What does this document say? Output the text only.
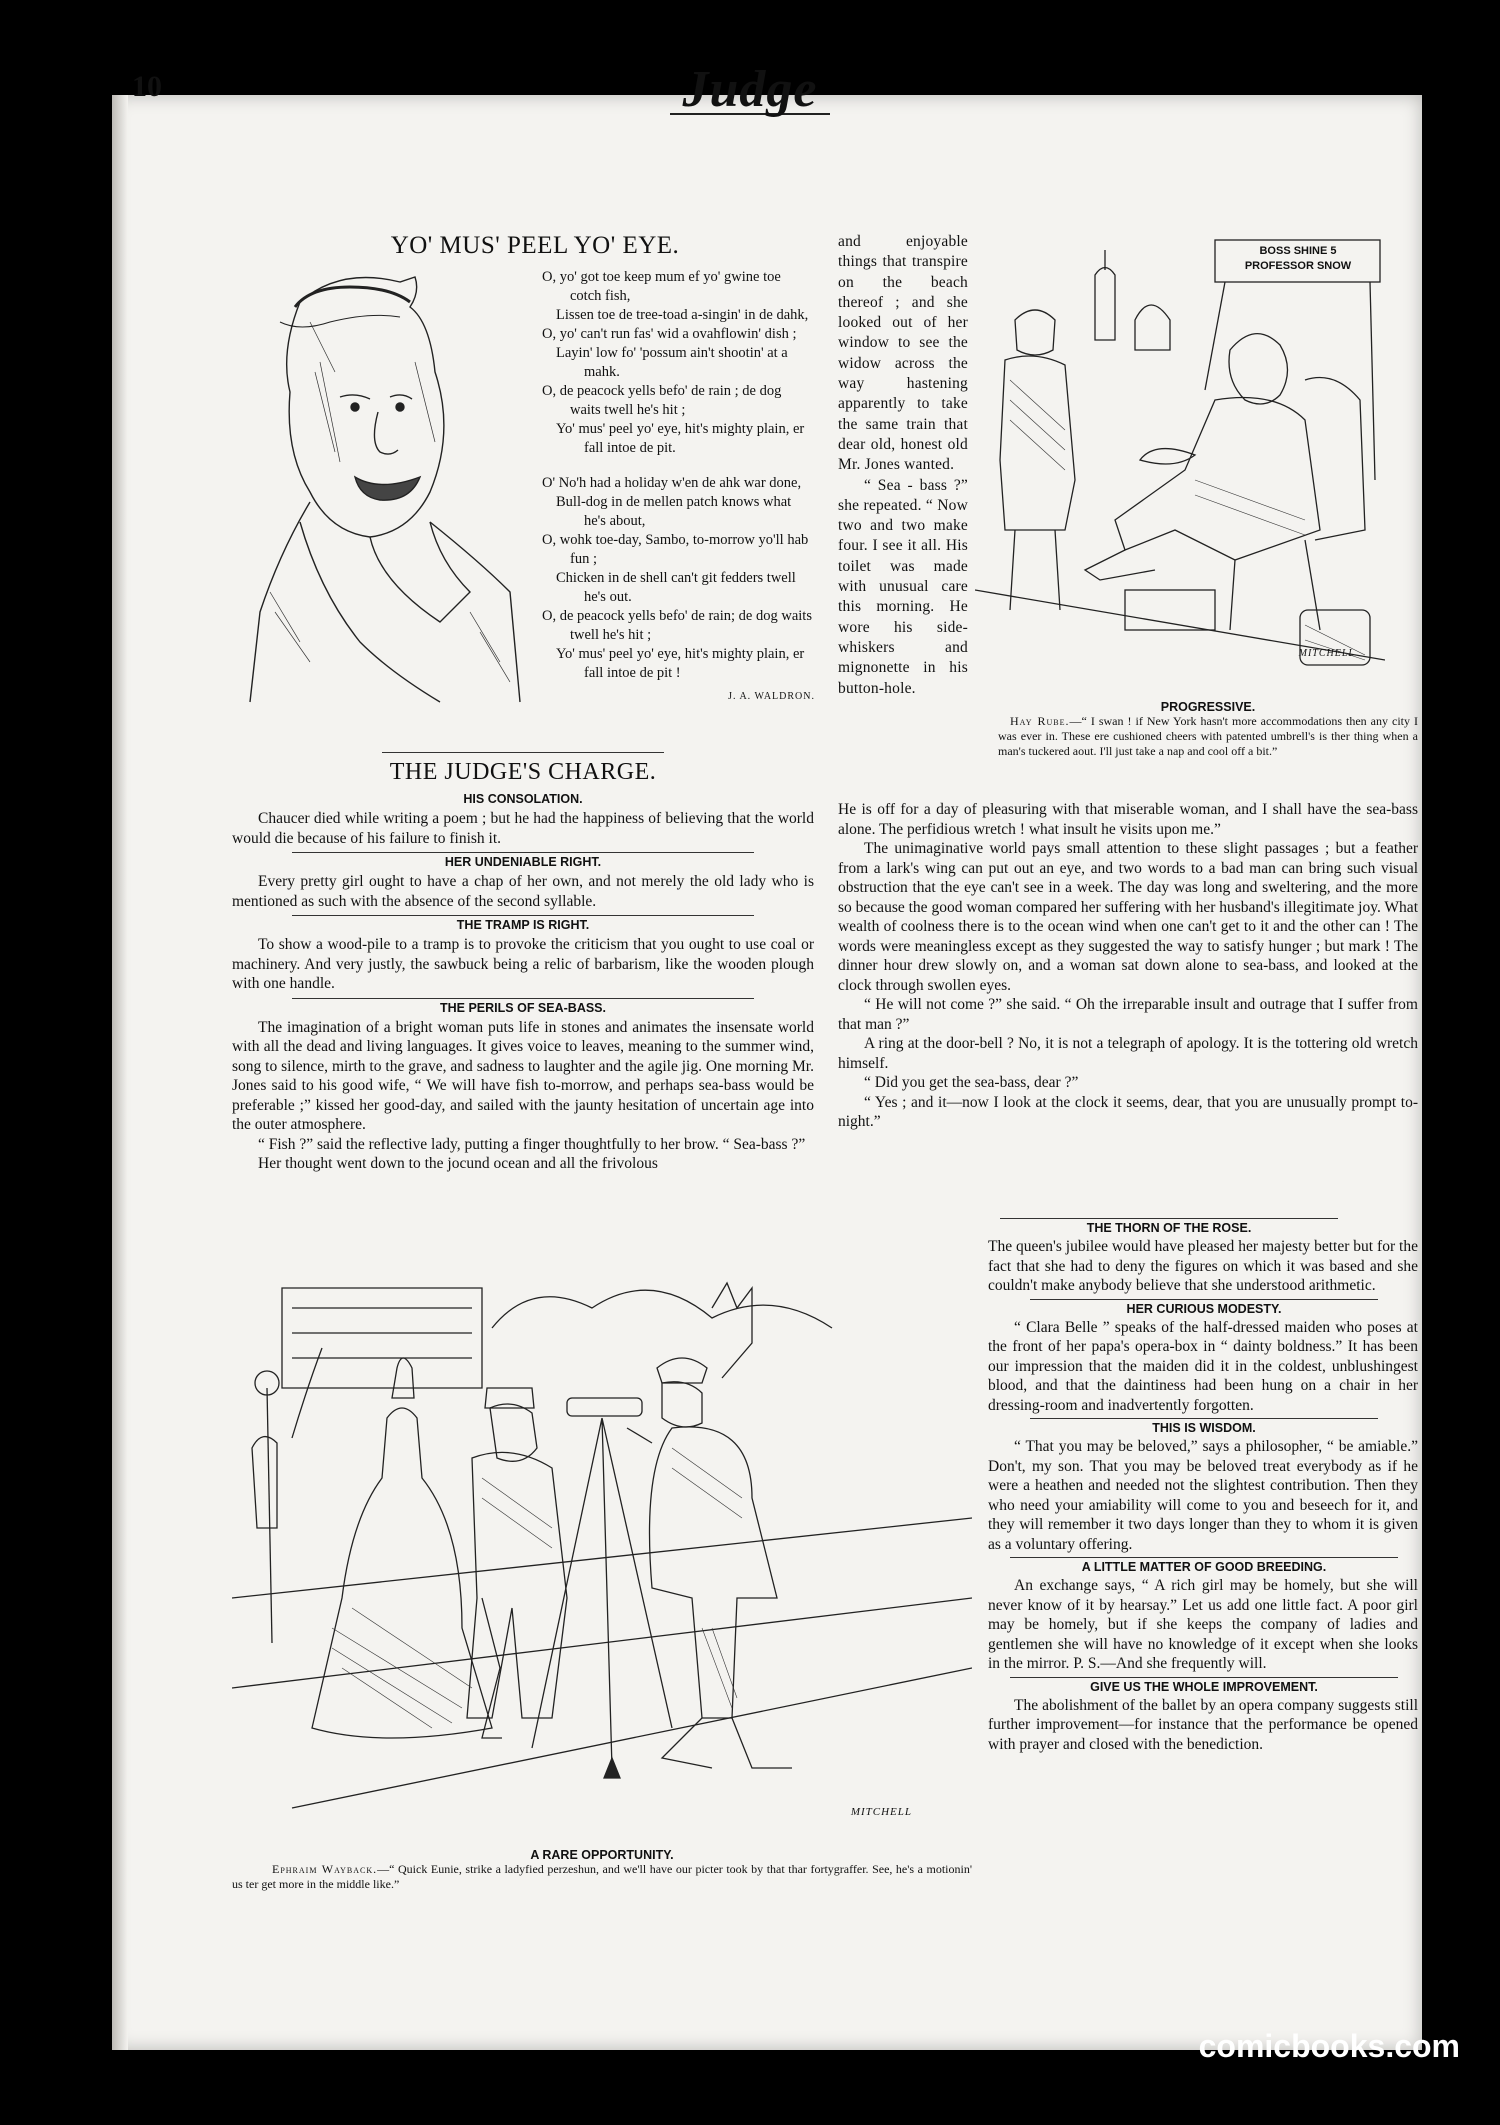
10	Judge
YO' MUS' PEEL YO' EYE.
O, yo' got toe keep mum ef yo' gwine toe cotch fish,
Lissen toe de tree-toad a-singin' in de dahk,
O, yo' can't run fas' wid a ovahflowin' dish ;
Layin' low fo' 'possum ain't shootin' at a mahk.
O, de peacock yells befo' de rain ; de dog waits twell he's hit ;
Yo' mus' peel yo' eye, hit's mighty plain, er fall intoe de pit.
O' No'h had a holiday w'en de ahk war done,
Bull-dog in de mellen patch knows what he's about,
O, wohk toe-day, Sambo, to-morrow yo'll hab fun ;
Chicken in de shell can't git fedders twell he's out.
O, de peacock yells befo' de rain; de dog waits twell he's hit ;
Yo' mus' peel yo' eye, hit's mighty plain, er fall intoe de pit !
J. A. WALDRON.
THE JUDGE'S CHARGE.
HIS CONSOLATION.

Chaucer died while writing a poem ; but he had the happiness of believing that the world would die because of his failure to finish it.

HER UNDENIABLE RIGHT.

Every pretty girl ought to have a chap of her own, and not merely the old lady who is mentioned as such with the absence of the second syllable.

THE TRAMP IS RIGHT.

To show a wood-pile to a tramp is to provoke the criticism that you ought to use coal or machinery. And very justly, the sawbuck being a relic of barbarism, like the wooden plough with one handle.

THE PERILS OF SEA-BASS.

The imagination of a bright woman puts life in stones and animates the insensate world with all the dead and living languages. It gives voice to leaves, meaning to the summer wind, song to silence, mirth to the grave, and sadness to laughter and the agile jig. One morning Mr. Jones said to his good wife, “ We will have fish to-morrow, and perhaps sea-bass would be preferable ;” kissed her good-day, and sailed with the jaunty hesitation of uncertain age into the outer atmosphere.

“ Fish ?” said the reflective lady, putting a finger thoughtfully to her brow. “ Sea-bass ?”

Her thought went down to the jocund ocean and all the frivolous

and enjoyable things that transpire on the beach thereof ; and she looked out of her window to see the widow across the way hastening apparently to take the same train that dear old, honest old Mr. Jones wanted.

“ Sea - bass ?” she repeated. “ Now two and two make four. I see it all. His toilet was made with unusual care this morning. He wore his side-whiskers and mignonette in his button-hole.

BOSS SHINE 5
PROFESSOR SNOW
MITCHELL
PROGRESSIVE.
Hay Rube.—“ I swan ! if New York hasn't more accommodations then any city I was ever in. These ere cushioned cheers with patented umbrell's is ther thing when a man's tuckered aout. I'll just take a nap and cool off a bit.”

He is off for a day of pleasuring with that miserable woman, and I shall have the sea-bass alone. The perfidious wretch ! what insult he visits upon me.”

The unimaginative world pays small attention to these slight passages ; but a feather from a lark's wing can put out an eye, and two words to a bad man can bring such visual obstruction that the eye can't see in a week. The day was long and sweltering, and the more so because the good woman compared her suffering with her husband's illegitimate joy. What wealth of coolness there is to the ocean wind when one can't get to it and the other can ! The words were meaningless except as they suggested the way to satisfy hunger ; but mark ! The dinner hour drew slowly on, and a woman sat down alone to sea-bass, and looked at the clock through swollen eyes.

“ He will not come ?” she said. “ Oh the irreparable insult and outrage that I suffer from that man ?”

A ring at the door-bell ? No, it is not a telegraph of apology. It is the tottering old wretch himself.

“ Did you get the sea-bass, dear ?”

“ Yes ; and it—now I look at the clock it seems, dear, that you are unusually prompt to-night.”

THE THORN OF THE ROSE.

The queen's jubilee would have pleased her majesty better but for the fact that she had to deny the figures on which it was based and she couldn't make anybody believe that she understood arithmetic.

HER CURIOUS MODESTY.

“ Clara Belle ” speaks of the half-dressed maiden who poses at the front of her papa's opera-box in “ dainty boldness.” It has been our impression that the maiden did it in the coldest, unblushingest blood, and that the daintiness had been hung on a chair in her dressing-room and inadvertently forgotten.

THIS IS WISDOM.

“ That you may be beloved,” says a philosopher, “ be amiable.” Don't, my son. That you may be beloved treat everybody as if he were a heathen and needed not the slightest contribution. Then they who need your amiability will come to you and beseech for it, and they will remember it two days longer than they to whom it is given as a voluntary offering.

A LITTLE MATTER OF GOOD BREEDING.

An exchange says, “ A rich girl may be homely, but she will never know of it by hearsay.” Let us add one little fact. A poor girl may be homely, but if she keeps the company of ladies and gentlemen she will have no knowledge of it except when she looks in the mirror. P. S.—And she frequently will.

GIVE US THE WHOLE IMPROVEMENT.

The abolishment of the ballet by an opera company suggests still further improvement—for instance that the performance be opened with prayer and closed with the benediction.

MITCHELL
A RARE OPPORTUNITY.
Ephraim Wayback.—“ Quick Eunie, strike a ladyfied perzeshun, and we'll have our picter took by that thar fortygraffer. See, he's a motionin' us ter get more in the middle like.”
comicbooks.com
